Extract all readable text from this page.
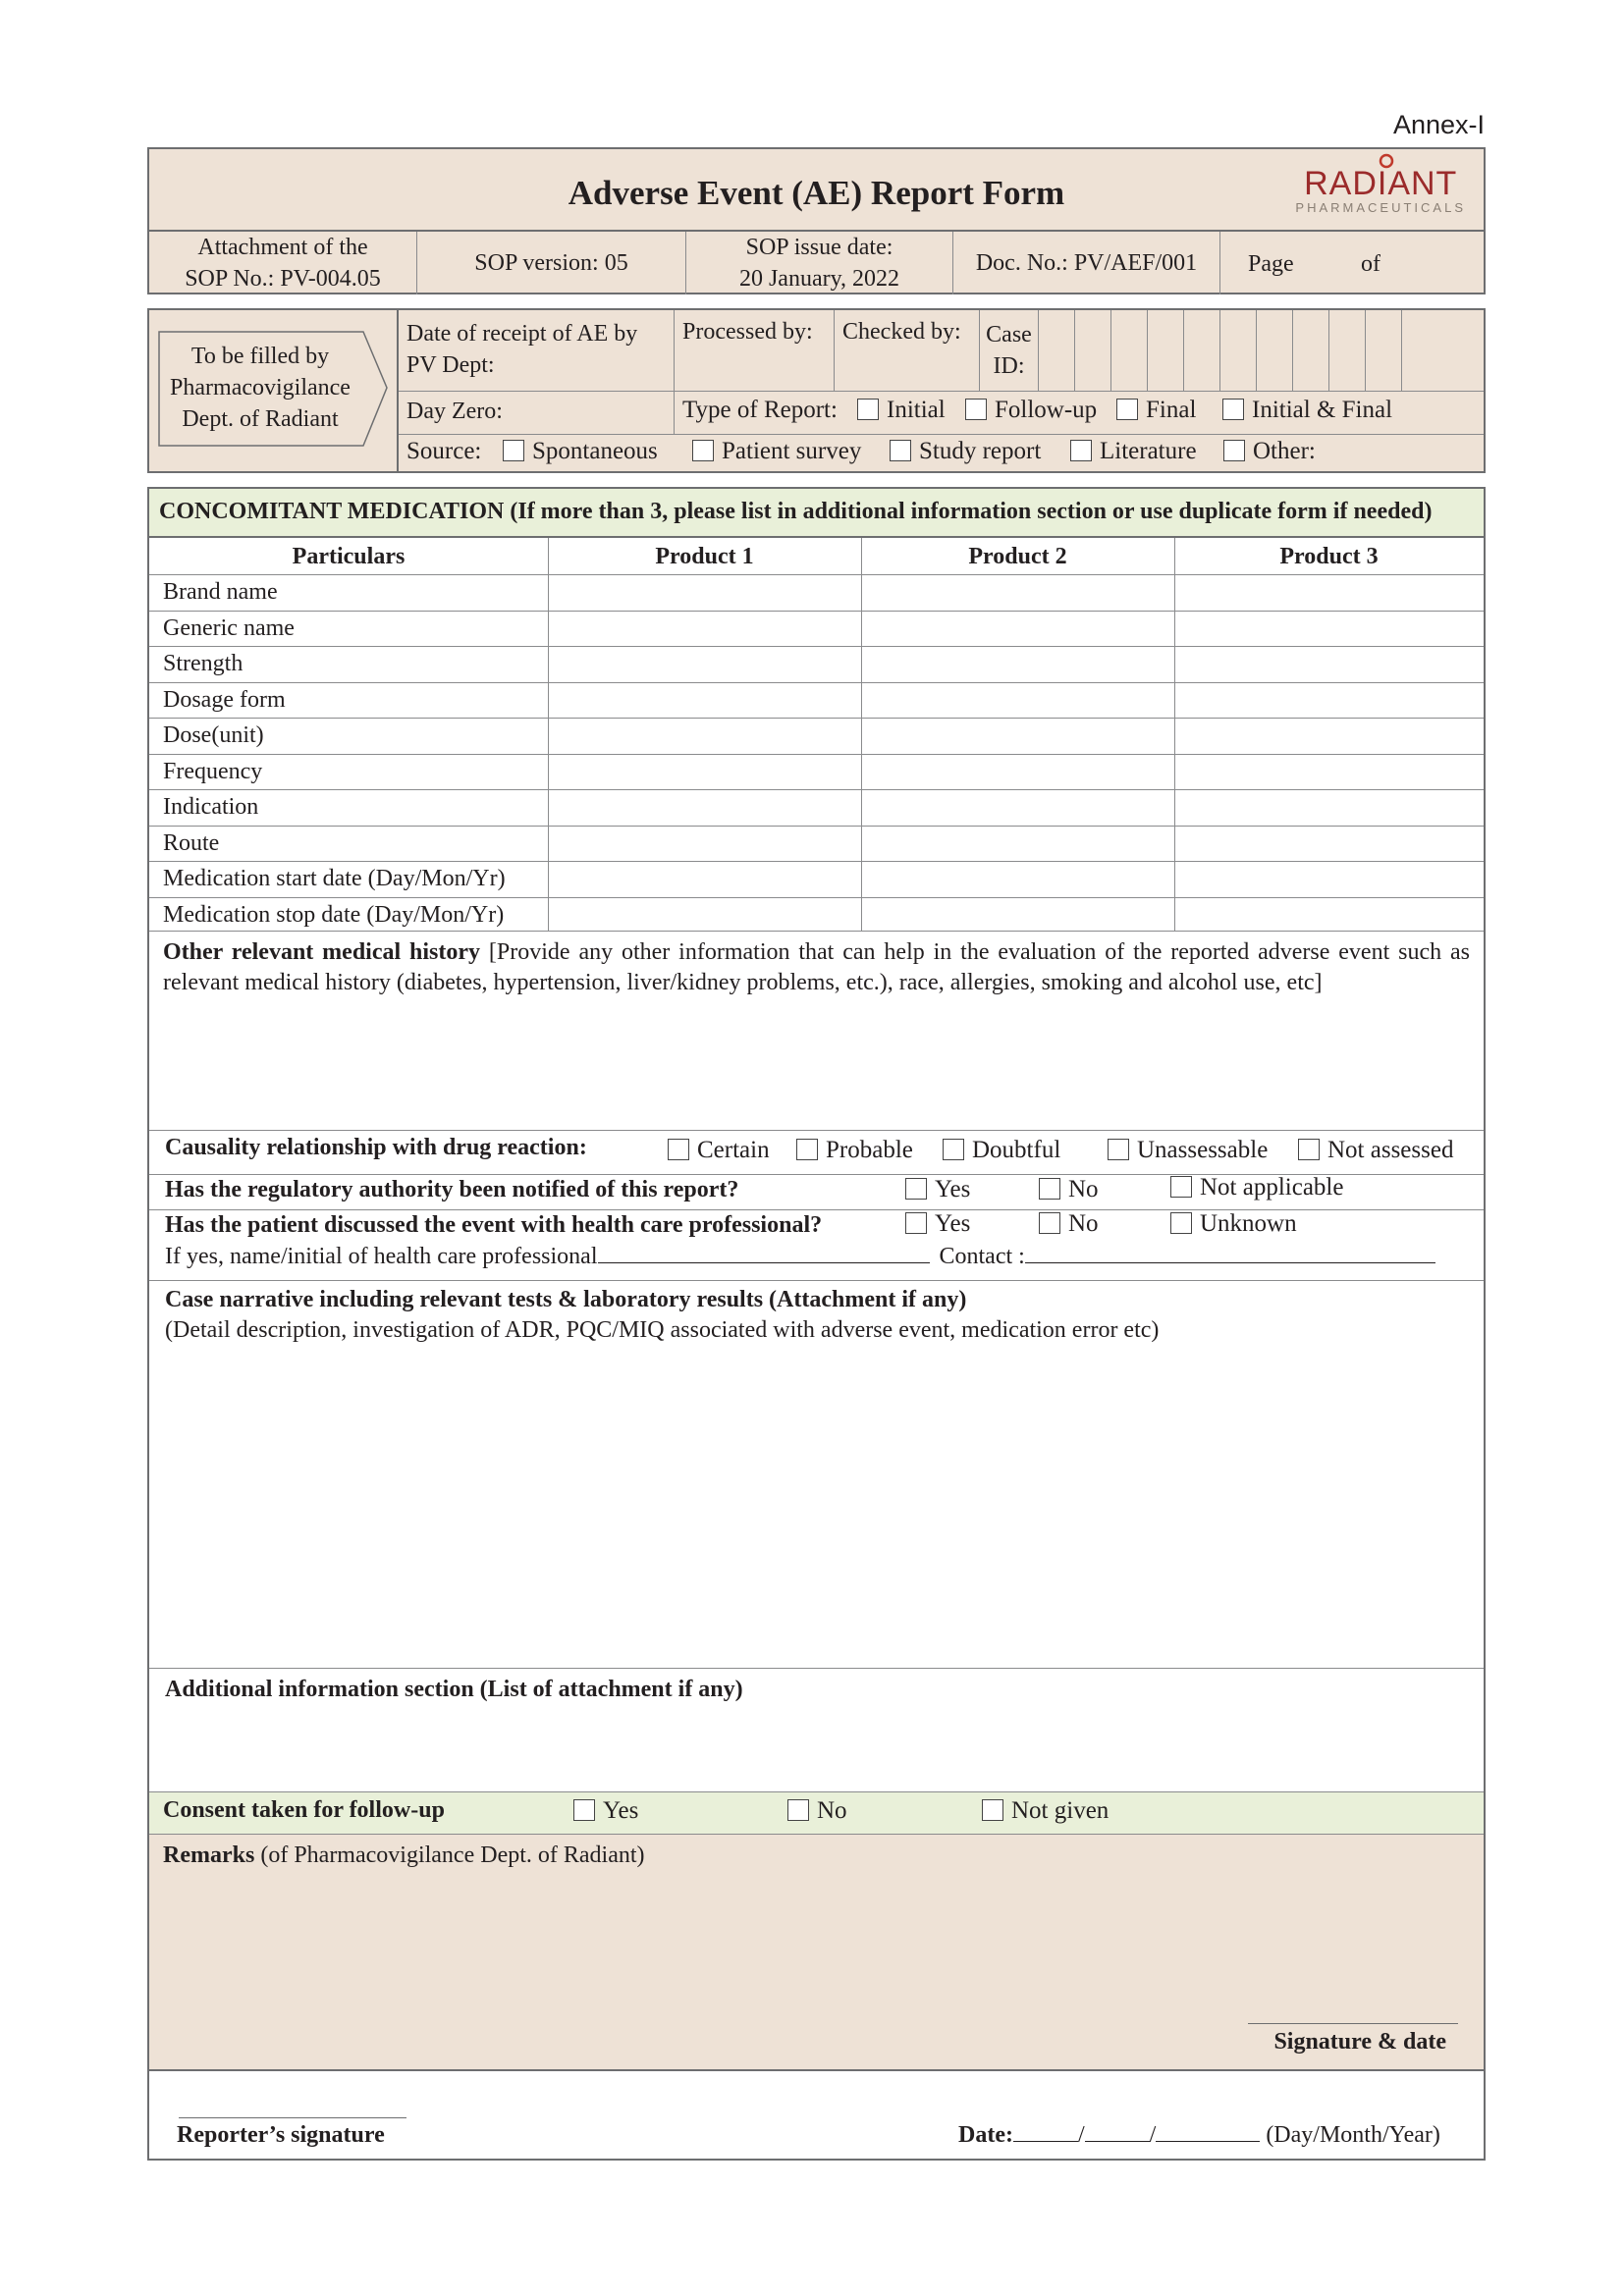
Annex-I
Adverse Event (AE) Report Form	RADIANT
PHARMACEUTICALS
Attachment of the
SOP No.: PV-004.05
SOP version: 05
SOP issue date:
20 January, 2022
Doc. No.: PV/AEF/001	Page	of
To be filled by
Pharmacovigilance
Dept. of Radiant
Date of receipt of AE by
PV Dept:
Processed by:	Checked by:	Case
ID:
Day Zero:	Type of Report:	Initial	Follow-up	Final	Initial & Final
Source:	Spontaneous	Patient survey	Study report	Literature	Other:
CONCOMITANT MEDICATION (If more than 3, please list in additional information section or use duplicate form if needed)
Particulars	Product 1	Product 2	Product 3
Brand name
Generic name
Strength
Dosage form
Dose(unit)
Frequency
Indication
Route
Medication start date (Day/Mon/Yr)
Medication stop date (Day/Mon/Yr)
Other relevant medical history [Provide any other information that can help in the evaluation of the reported adverse event such as relevant medical history (diabetes, hypertension, liver/kidney problems, etc.), race, allergies, smoking and alcohol use, etc]
Causality relationship with drug reaction:	Certain	Probable	Doubtful	Unassessable	Not assessed
Has the regulatory authority been notified of this report?	Yes	No	Not applicable
Has the patient discussed the event with health care professional?	Yes	No	Unknown
If yes, name/initial of health care professional	Contact :
Case narrative including relevant tests & laboratory results (Attachment if any)
(Detail description, investigation of ADR, PQC/MIQ associated with adverse event, medication error etc)
Additional information section (List of attachment if any)
Consent taken for follow-up	Yes	No	Not given
Remarks (of Pharmacovigilance Dept. of Radiant)
Signature & date
Reporter’s signature	Date:	/	/	(Day/Month/Year)
